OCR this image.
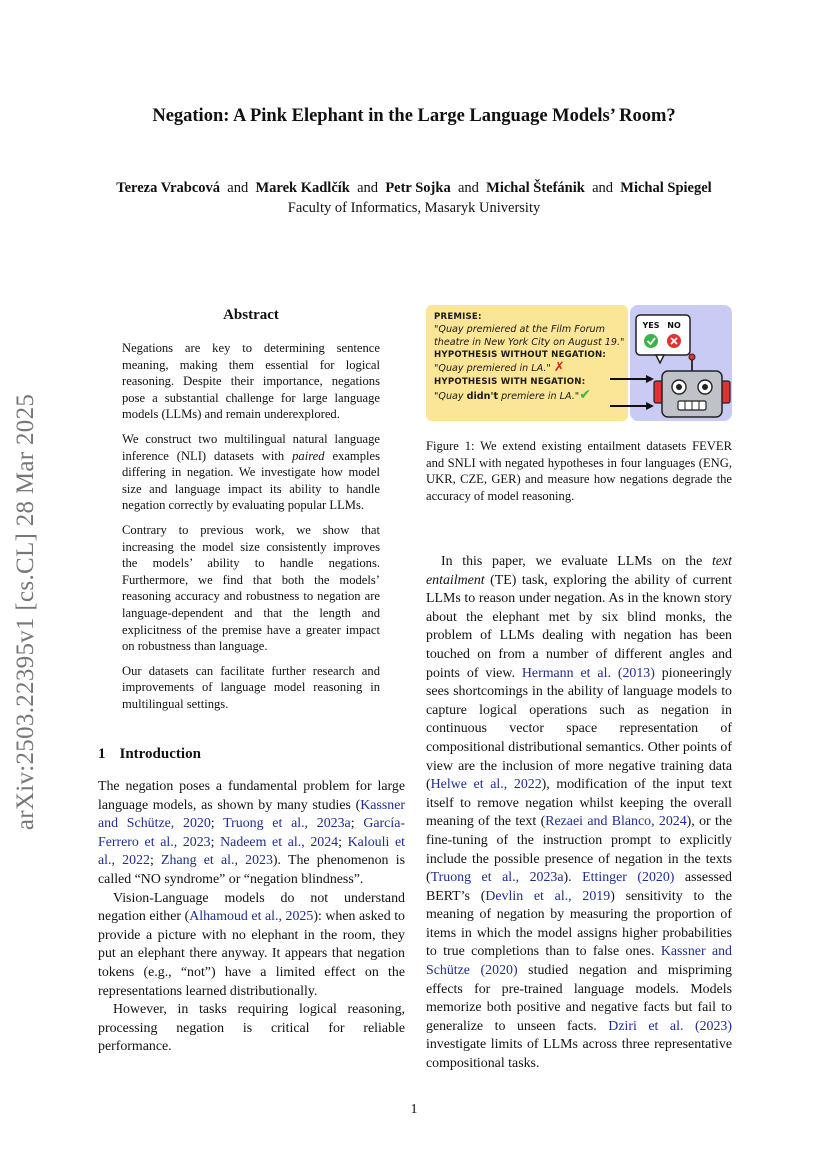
Negation: A Pink Elephant in the Large Language Models’ Room?
Tereza Vrabcová and Marek Kadlčík and Petr Sojka and Michal Štefánik and Michal Spiegel
Faculty of Informatics, Masaryk University
arXiv:2503.22395v1 [cs.CL] 28 Mar 2025
Abstract

Negations are key to determining sentence meaning, making them essential for logical reasoning. Despite their importance, negations pose a substantial challenge for large language models (LLMs) and remain underexplored.

We construct two multilingual natural language inference (NLI) datasets with paired examples differing in negation. We investigate how model size and language impact its ability to handle negation correctly by evaluating popular LLMs.

Contrary to previous work, we show that increasing the model size consistently improves the models’ ability to handle negations. Furthermore, we find that both the models’ reasoning accuracy and robustness to negation are language-dependent and that the length and explicitness of the premise have a greater impact on robustness than language.

Our datasets can facilitate further research and improvements of language model reasoning in multilingual settings.

PREMISE:
"Quay premiered at the Film Forum theatre in New York City on August 19."
HYPOTHESIS WITHOUT NEGATION:
"Quay premiered in LA." ✗
HYPOTHESIS WITH NEGATION:
"Quay didn't premiere in LA."✔
YES NO
Figure 1: We extend existing entailment datasets FEVER and SNLI with negated hypotheses in four languages (ENG, UKR, CZE, GER) and measure how negations degrade the accuracy of model reasoning.
1 Introduction

The negation poses a fundamental problem for large language models, as shown by many studies (Kassner and Schütze, 2020; Truong et al., 2023a; García-Ferrero et al., 2023; Nadeem et al., 2024; Kalouli et al., 2022; Zhang et al., 2023). The phenomenon is called “NO syndrome” or “negation blindness”.

Vision-Language models do not understand negation either (Alhamoud et al., 2025): when asked to provide a picture with no elephant in the room, they put an elephant there anyway. It appears that negation tokens (e.g., “not”) have a limited effect on the representations learned distributionally.

However, in tasks requiring logical reasoning, processing negation is critical for reliable performance.

In this paper, we evaluate LLMs on the text entailment (TE) task, exploring the ability of current LLMs to reason under negation. As in the known story about the elephant met by six blind monks, the problem of LLMs dealing with negation has been touched on from a number of different angles and points of view. Hermann et al. (2013) pioneeringly sees shortcomings in the ability of language models to capture logical operations such as negation in continuous vector space representation of compositional distributional semantics. Other points of view are the inclusion of more negative training data (Helwe et al., 2022), modification of the input text itself to remove negation whilst keeping the overall meaning of the text (Rezaei and Blanco, 2024), or the fine-tuning of the instruction prompt to explicitly include the possible presence of negation in the texts (Truong et al., 2023a). Ettinger (2020) assessed BERT’s (Devlin et al., 2019) sensitivity to the meaning of negation by measuring the proportion of items in which the model assigns higher probabilities to true completions than to false ones. Kassner and Schütze (2020) studied negation and mispriming effects for pre-trained language models. Models memorize both positive and negative facts but fail to generalize to unseen facts. Dziri et al. (2023) investigate limits of LLMs across three representative compositional tasks.

1
